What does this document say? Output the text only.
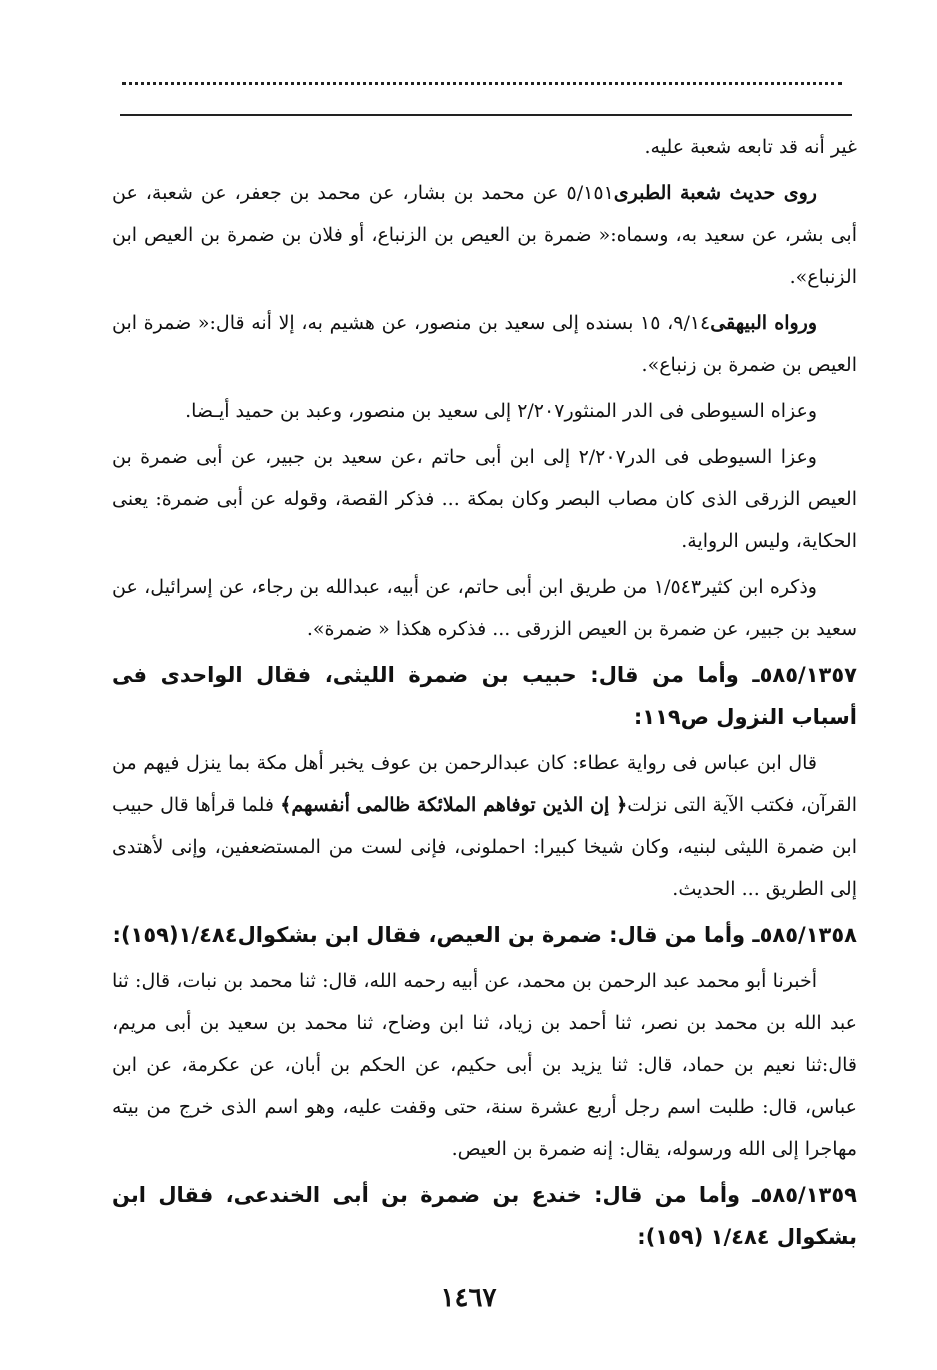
غير أنه قد تابعه شعبة عليه.

روى حديث شعبة الطبرى٥/١٥١ عن محمد بن بشار، عن محمد بن جعفر، عن شعبة، عن أبى بشر، عن سعيد به، وسماه:« ضمرة بن العيص بن الزنباع، أو فلان بن ضمرة بن العيص ابن الزنباع».

ورواه البيهقى٩/١٤، ١٥ بسنده إلى سعيد بن منصور، عن هشيم به، إلا أنه قال:« ضمرة ابن العيص بن ضمرة بن زنباع».

وعزاه السيوطى فى الدر المنثور٢/٢٠٧ إلى سعيد بن منصور، وعبد بن حميد أيـضا.

وعزا السيوطى فى الدر٢/٢٠٧ إلى ابن أبى حاتم ،عن سعيد بن جبير، عن أبى ضمرة بن العيص الزرقى الذى كان مصاب البصر وكان بمكة ... فذكر القصة، وقوله عن أبى ضمرة: يعنى الحكاية، وليس الرواية.

وذكره ابن كثير١/٥٤٣ من طريق ابن أبى حاتم، عن أبيه، عبدالله بن رجاء، عن إسرائيل، عن سعيد بن جبير، عن ضمرة بن العيص الزرقى ... فذكره هكذا « ضمرة».

٥٨٥/١٣٥٧ـ وأما من قال: حبيب بن ضمرة الليثى، فقال الواحدى فى أسباب النزول ص١١٩:

قال ابن عباس فى رواية عطاء: كان عبدالرحمن بن عوف يخبر أهل مكة بما ينزل فيهم من القرآن، فكتب الآية التى نزلت﴿ إن الذين توفاهم الملائكة ظالمى أنفسهم﴾ فلما قرأها قال حبيب ابن ضمرة الليثى لبنيه، وكان شيخا كبيرا: احملونى، فإنى لست من المستضعفين، وإنى لأهتدى إلى الطريق ... الحديث.

٥٨٥/١٣٥٨ـ وأما من قال: ضمرة بن العيص، فقال ابن بشكوال١/٤٨٤(١٥٩):

أخبرنا أبو محمد عبد الرحمن بن محمد، عن أبيه رحمه الله، قال: ثنا محمد بن نبات، قال: ثنا عبد الله بن محمد بن نصر، ثنا أحمد بن زياد، ثنا ابن وضاح، ثنا محمد بن سعيد بن أبى مريم، قال:ثنا نعيم بن حماد، قال: ثنا يزيد بن أبى حكيم، عن الحكم بن أبان، عن عكرمة، عن ابن عباس، قال: طلبت اسم رجل أربع عشرة سنة، حتى وقفت عليه، وهو اسم الذى خرج من بيته مهاجرا إلى الله ورسوله، يقال: إنه ضمرة بن العيص.

٥٨٥/١٣٥٩ـ وأما من قال: خندع بن ضمرة بن أبى الخندعى، فقال ابن بشكوال ١/٤٨٤ (١٥٩):

١٤٦٧
